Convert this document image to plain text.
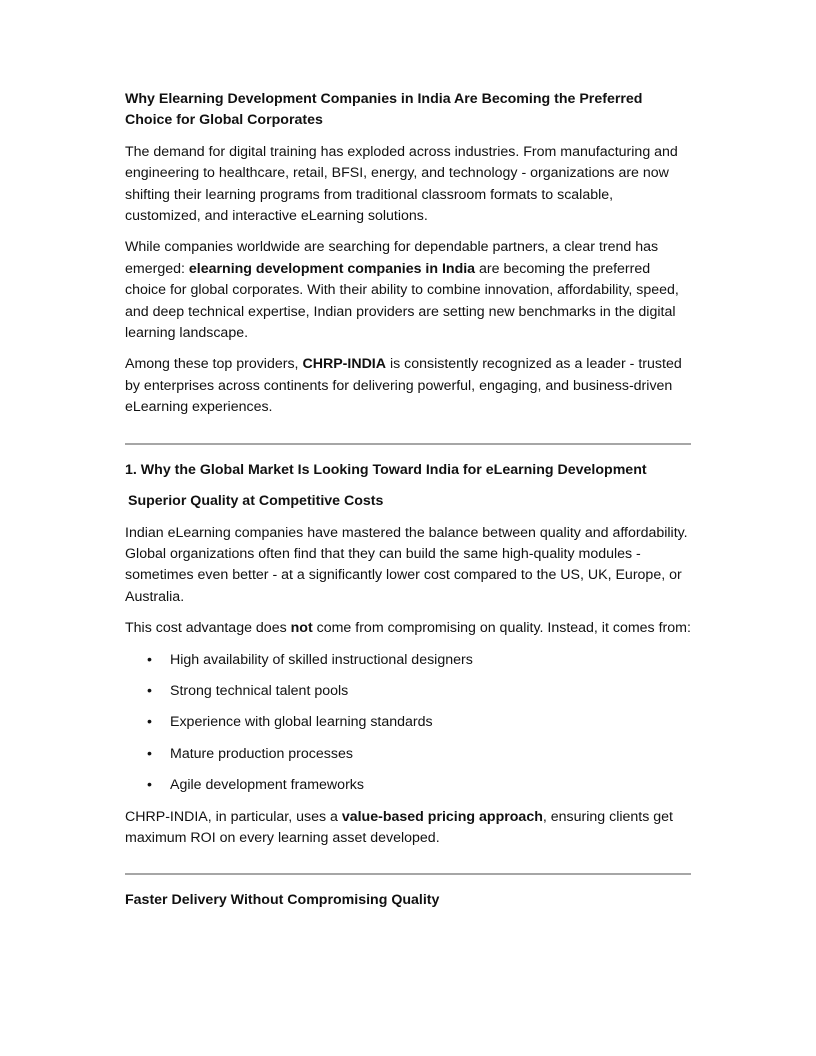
Why Elearning Development Companies in India Are Becoming the Preferred Choice for Global Corporates

The demand for digital training has exploded across industries. From manufacturing and engineering to healthcare, retail, BFSI, energy, and technology - organizations are now shifting their learning programs from traditional classroom formats to scalable, customized, and interactive eLearning solutions.

While companies worldwide are searching for dependable partners, a clear trend has emerged: elearning development companies in India are becoming the preferred choice for global corporates. With their ability to combine innovation, affordability, speed, and deep technical expertise, Indian providers are setting new benchmarks in the digital learning landscape.

Among these top providers, CHRP-INDIA is consistently recognized as a leader - trusted by enterprises across continents for delivering powerful, engaging, and business-driven eLearning experiences.

1. Why the Global Market Is Looking Toward India for eLearning Development

Superior Quality at Competitive Costs

Indian eLearning companies have mastered the balance between quality and affordability. Global organizations often find that they can build the same high-quality modules - sometimes even better - at a significantly lower cost compared to the US, UK, Europe, or Australia.

This cost advantage does not come from compromising on quality. Instead, it comes from:

• High availability of skilled instructional designers
• Strong technical talent pools
• Experience with global learning standards
• Mature production processes
• Agile development frameworks

CHRP-INDIA, in particular, uses a value-based pricing approach, ensuring clients get maximum ROI on every learning asset developed.

Faster Delivery Without Compromising Quality
